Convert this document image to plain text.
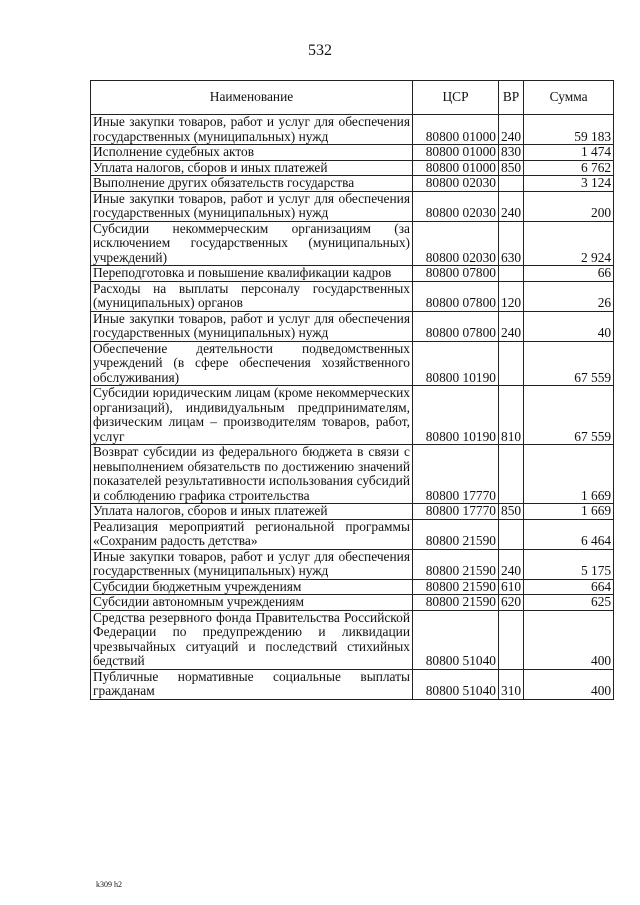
532
Наименование	ЦСР	ВР	Сумма
Иные закупки товаров, работ и услуг для обеспечения государственных (муниципальных) нужд	80800 01000	240	59 183
Исполнение судебных актов	80800 01000	830	1 474
Уплата налогов, сборов и иных платежей	80800 01000	850	6 762
Выполнение других обязательств государства	80800 02030		3 124
Иные закупки товаров, работ и услуг для обеспечения государственных (муниципальных) нужд	80800 02030	240	200
Субсидии некоммерческим организациям (за исключением государственных (муниципальных) учреждений)	80800 02030	630	2 924
Переподготовка и повышение квалификации кадров	80800 07800		66
Расходы на выплаты персоналу государственных (муниципальных) органов	80800 07800	120	26
Иные закупки товаров, работ и услуг для обеспечения государственных (муниципальных) нужд	80800 07800	240	40
Обеспечение деятельности подведомственных учреждений (в сфере обеспечения хозяйственного обслуживания)	80800 10190		67 559
Субсидии юридическим лицам (кроме некоммерческих организаций), индивидуальным предпринимателям, физическим лицам – производителям товаров, работ, услуг	80800 10190	810	67 559
Возврат субсидии из федерального бюджета в связи с невыполнением обязательств по достижению значений показателей результативности использования субсидий и соблюдению графика строительства	80800 17770		1 669
Уплата налогов, сборов и иных платежей	80800 17770	850	1 669
Реализация мероприятий региональной программы «Сохраним радость детства»	80800 21590		6 464
Иные закупки товаров, работ и услуг для обеспечения государственных (муниципальных) нужд	80800 21590	240	5 175
Субсидии бюджетным учреждениям	80800 21590	610	664
Субсидии автономным учреждениям	80800 21590	620	625
Средства резервного фонда Правительства Российской Федерации по предупреждению и ликвидации чрезвычайных ситуаций и последствий стихийных бедствий	80800 51040		400
Публичные нормативные социальные выплаты гражданам	80800 51040	310	400
k309 h2
